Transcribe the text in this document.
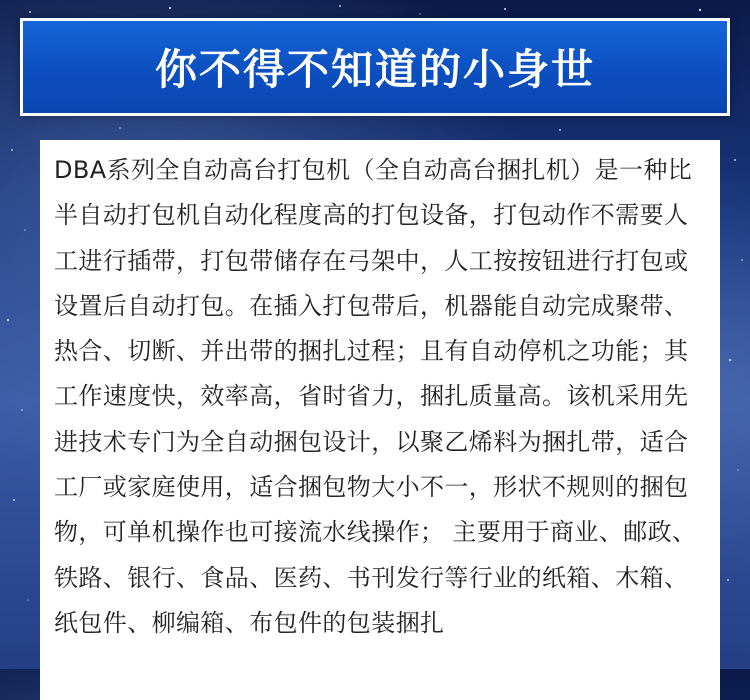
你不得不知道的小身世

DBA系列全自动高台打包机（全自动高台捆扎机）是一种比半自动打包机自动化程度高的打包设备，打包动作不需要人工进行插带，打包带储存在弓架中，人工按按钮进行打包或设置后自动打包。在插入打包带后，机器能自动完成聚带、热合、切断、并出带的捆扎过程；且有自动停机之功能；其工作速度快，效率高，省时省力，捆扎质量高。该机采用先进技术专门为全自动捆包设计，以聚乙烯料为捆扎带，适合工厂或家庭使用，适合捆包物大小不一，形状不规则的捆包物，可单机操作也可接流水线操作； 主要用于商业、邮政、铁路、银行、食品、医药、书刊发行等行业的纸箱、木箱、纸包件、柳编箱、布包件的包装捆扎
